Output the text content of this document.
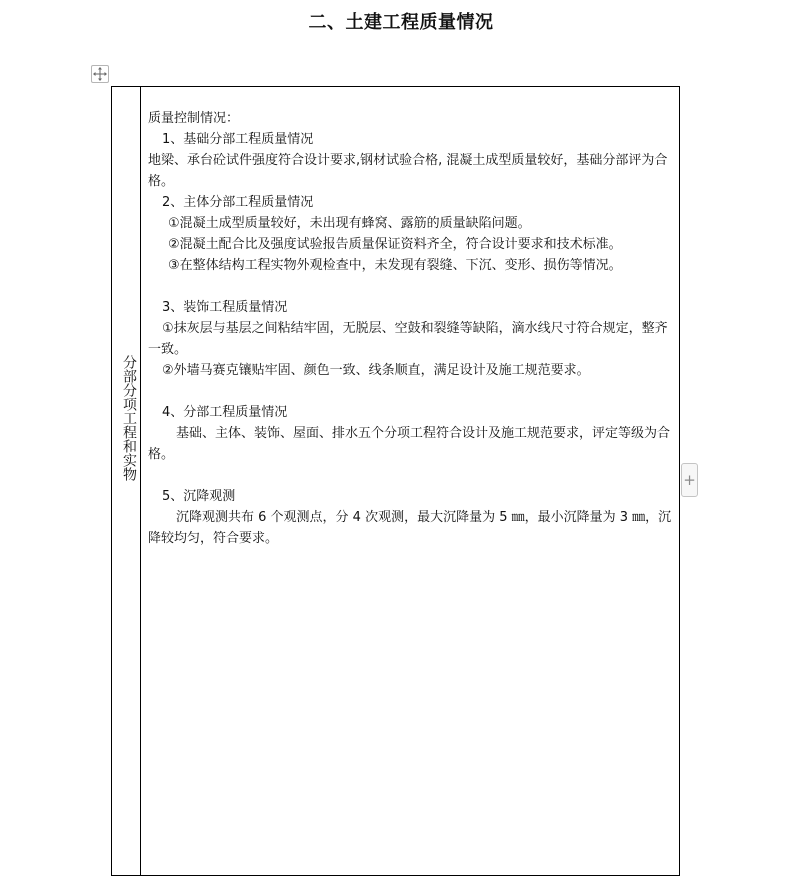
二、土建工程质量情况
分部分项工程和实物

质量控制情况：

1、基础分部工程质量情况

地梁、承台砼试件强度符合设计要求,钢材试验合格, 混凝土成型质量较好，基础分部评为合格。

2、主体分部工程质量情况

①混凝土成型质量较好，未出现有蜂窝、露筋的质量缺陷问题。

②混凝土配合比及强度试验报告质量保证资料齐全，符合设计要求和技术标准。

③在整体结构工程实物外观检查中，未发现有裂缝、下沉、变形、损伤等情况。

3、装饰工程质量情况

①抹灰层与基层之间粘结牢固，无脱层、空鼓和裂缝等缺陷，滴水线尺寸符合规定，整齐一致。

②外墙马赛克镶贴牢固、颜色一致、线条顺直，满足设计及施工规范要求。

4、分部工程质量情况

基础、主体、装饰、屋面、排水五个分项工程符合设计及施工规范要求，评定等级为合格。

5、沉降观测

沉降观测共布 6 个观测点，分 4 次观测，最大沉降量为 5 ㎜，最小沉降量为 3 ㎜，沉降较均匀，符合要求。

+
